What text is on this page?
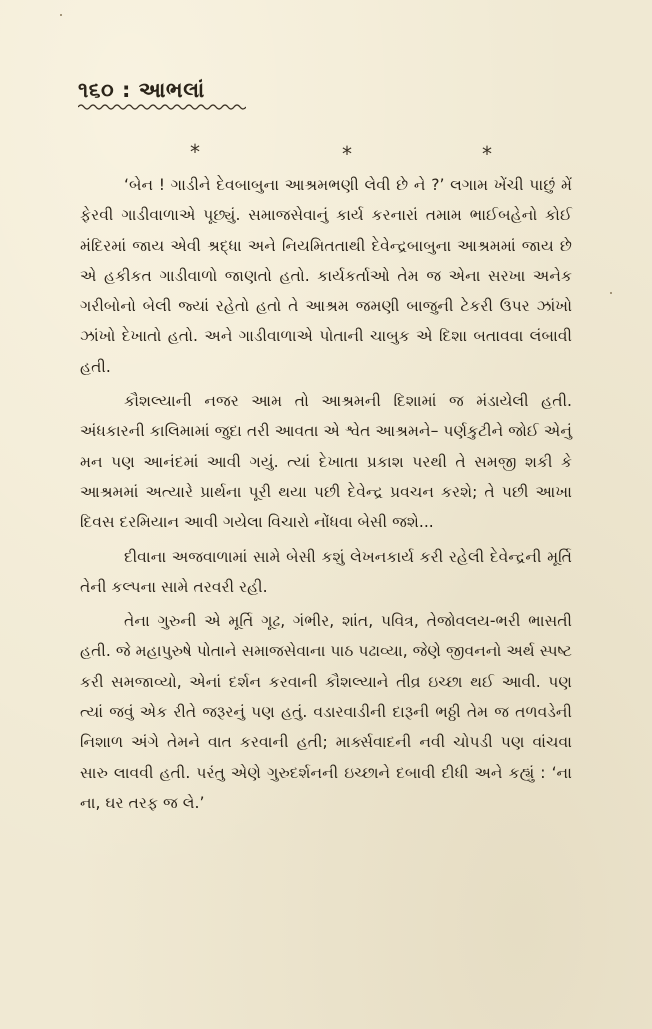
૧૬૦ : આભલાં
*	*	*

‘બેન ! ગાડીને દેવબાબુના આશ્રમભણી લેવી છે ને ?’ લગામ ખેંચી પાછું મેં ફેરવી ગાડીવાળાએ પૂછ્યું. સમાજસેવાનું કાર્ય કરનારાં તમામ ભાઈબહેનો કોઈ મંદિરમાં જાય એવી શ્રદ્ધા અને નિયમિતતાથી દેવેન્દ્રબાબુના આશ્રમમાં જાય છે એ હકીકત ગાડીવાળો જાણતો હતો. કાર્યકર્તાઓ તેમ જ એના સરખા અનેક ગરીબોનો બેલી જ્યાં રહેતો હતો તે આશ્રમ જમણી બાજુની ટેકરી ઉપર ઝાંખો ઝાંખો દેખાતો હતો. અને ગાડીવાળાએ પોતાની ચાબુક એ દિશા બતાવવા લંબાવી હતી.

કૌશલ્યાની નજર આમ તો આશ્રમની દિશામાં જ મંડાયેલી હતી. અંધકારની કાલિમામાં જુદા તરી આવતા એ શ્વેત આશ્રમને– પર્ણકુટીને જોઈ એનું મન પણ આનંદમાં આવી ગયું. ત્યાં દેખાતા પ્રકાશ પરથી તે સમજી શકી કે આશ્રમમાં અત્યારે પ્રાર્થના પૂરી થયા પછી દેવેન્દ્ર પ્રવચન કરશે; તે પછી આખા દિવસ દરમિયાન આવી ગયેલા વિચારો નોંધવા બેસી જશે...

દીવાના અજવાળામાં સામે બેસી કશું લેખનકાર્ય કરી રહેલી દેવેન્દ્રની મૂર્તિ તેની કલ્પના સામે તરવરી રહી.

તેના ગુરુની એ મૂર્તિ ગૂઢ, ગંભીર, શાંત, પવિત્ર, તેજોવલય-ભરી ભાસતી હતી. જે મહાપુરુષે પોતાને સમાજસેવાના પાઠ પઢાવ્યા, જેણે જીવનનો અર્થ સ્પષ્ટ કરી સમજાવ્યો, એનાં દર્શન કરવાની કૌશલ્યાને તીવ્ર ઇચ્છા થઈ આવી. પણ ત્યાં જવું એક રીતે જરૂરનું પણ હતું. વડારવાડીની દારૂની ભઠ્ઠી તેમ જ તળવડેની નિશાળ અંગે તેમને વાત કરવાની હતી; માર્ક્સવાદની નવી ચોપડી પણ વાંચવા સારુ લાવવી હતી. પરંતુ એણે ગુરુદર્શનની ઇચ્છાને દબાવી દીધી અને કહ્યું : ‘ના ના, ઘર તરફ જ લે.’
